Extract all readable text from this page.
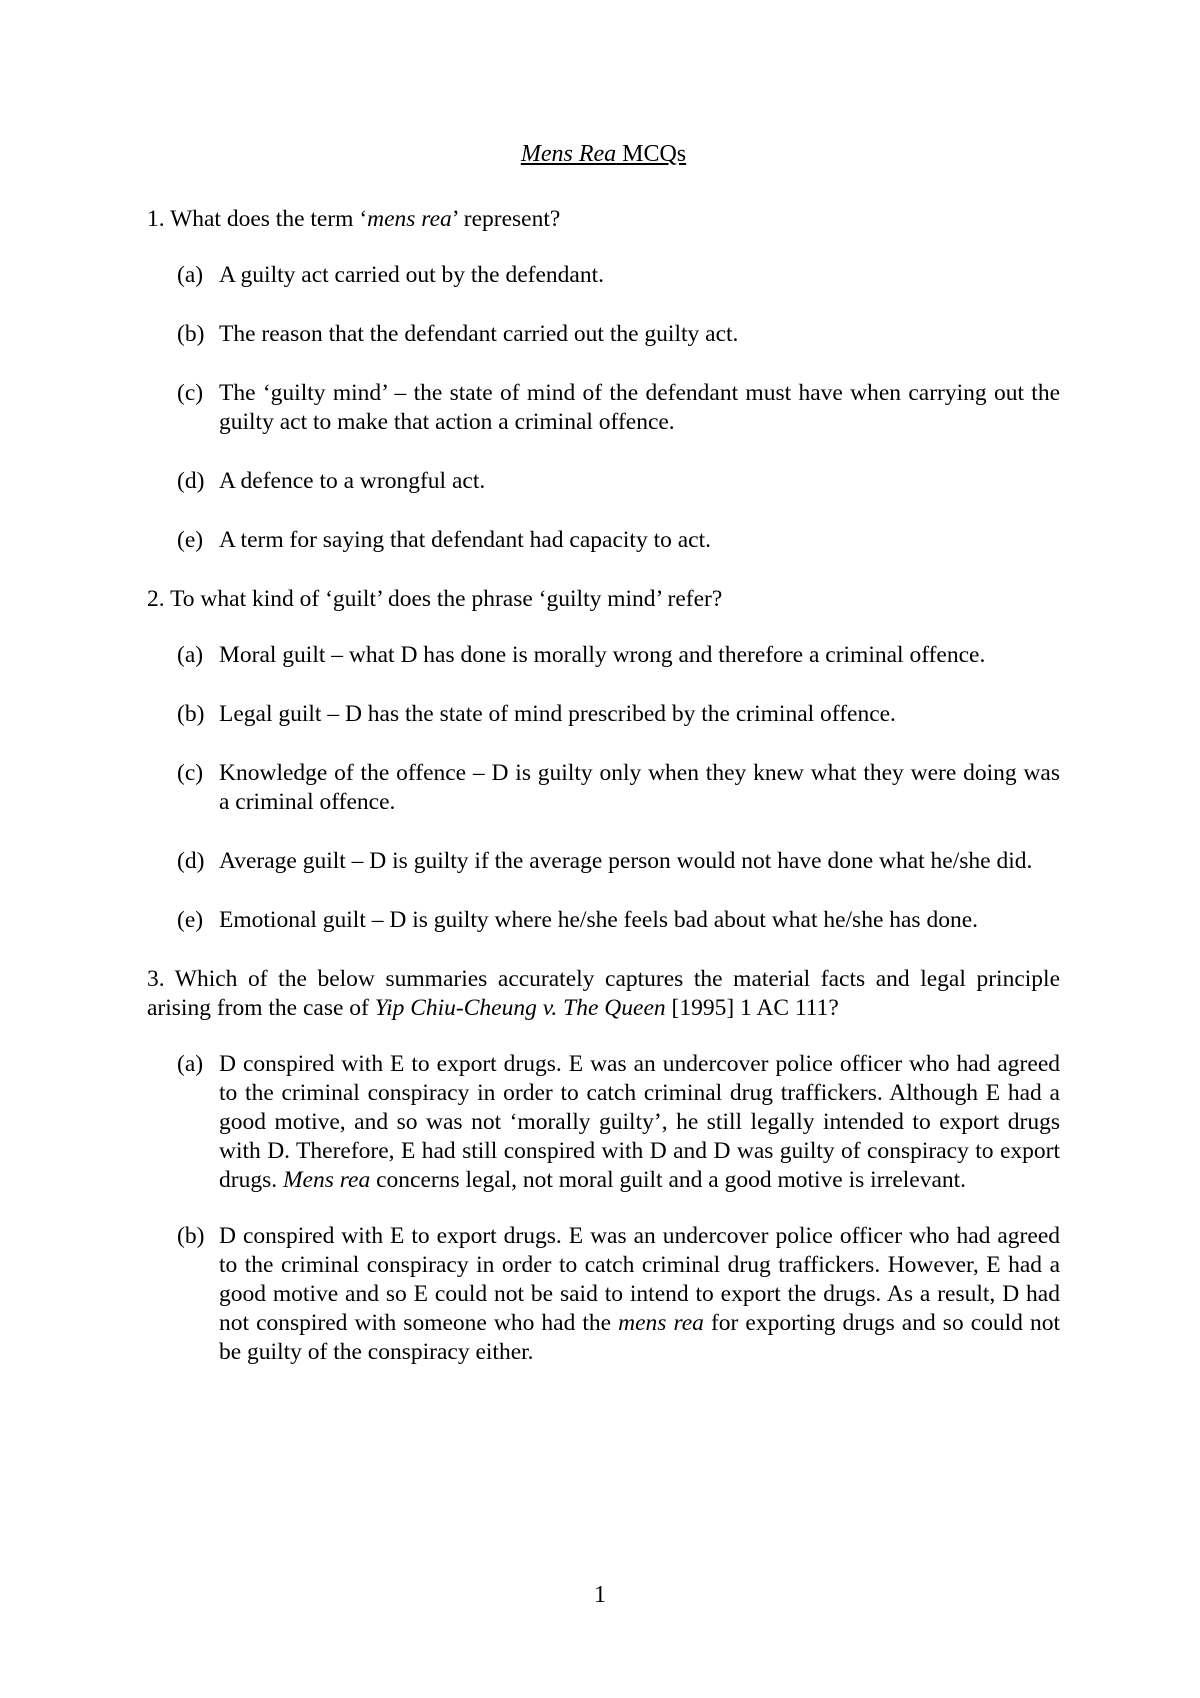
Mens Rea MCQs

1. What does the term ‘mens rea’ represent?

(a) A guilty act carried out by the defendant.
(b) The reason that the defendant carried out the guilty act.
(c) The ‘guilty mind’ – the state of mind of the defendant must have when carrying out the guilty act to make that action a criminal offence.
(d) A defence to a wrongful act.
(e) A term for saying that defendant had capacity to act.

2. To what kind of ‘guilt’ does the phrase ‘guilty mind’ refer?

(a) Moral guilt – what D has done is morally wrong and therefore a criminal offence.
(b) Legal guilt – D has the state of mind prescribed by the criminal offence.
(c) Knowledge of the offence – D is guilty only when they knew what they were doing was a criminal offence.
(d) Average guilt – D is guilty if the average person would not have done what he/she did.
(e) Emotional guilt – D is guilty where he/she feels bad about what he/she has done.

3. Which of the below summaries accurately captures the material facts and legal principle arising from the case of Yip Chiu-Cheung v. The Queen [1995] 1 AC 111?

(a) D conspired with E to export drugs. E was an undercover police officer who had agreed to the criminal conspiracy in order to catch criminal drug traffickers. Although E had a good motive, and so was not ‘morally guilty’, he still legally intended to export drugs with D. Therefore, E had still conspired with D and D was guilty of conspiracy to export drugs. Mens rea concerns legal, not moral guilt and a good motive is irrelevant.
(b) D conspired with E to export drugs. E was an undercover police officer who had agreed to the criminal conspiracy in order to catch criminal drug traffickers. However, E had a good motive and so E could not be said to intend to export the drugs. As a result, D had not conspired with someone who had the mens rea for exporting drugs and so could not be guilty of the conspiracy either.
1
